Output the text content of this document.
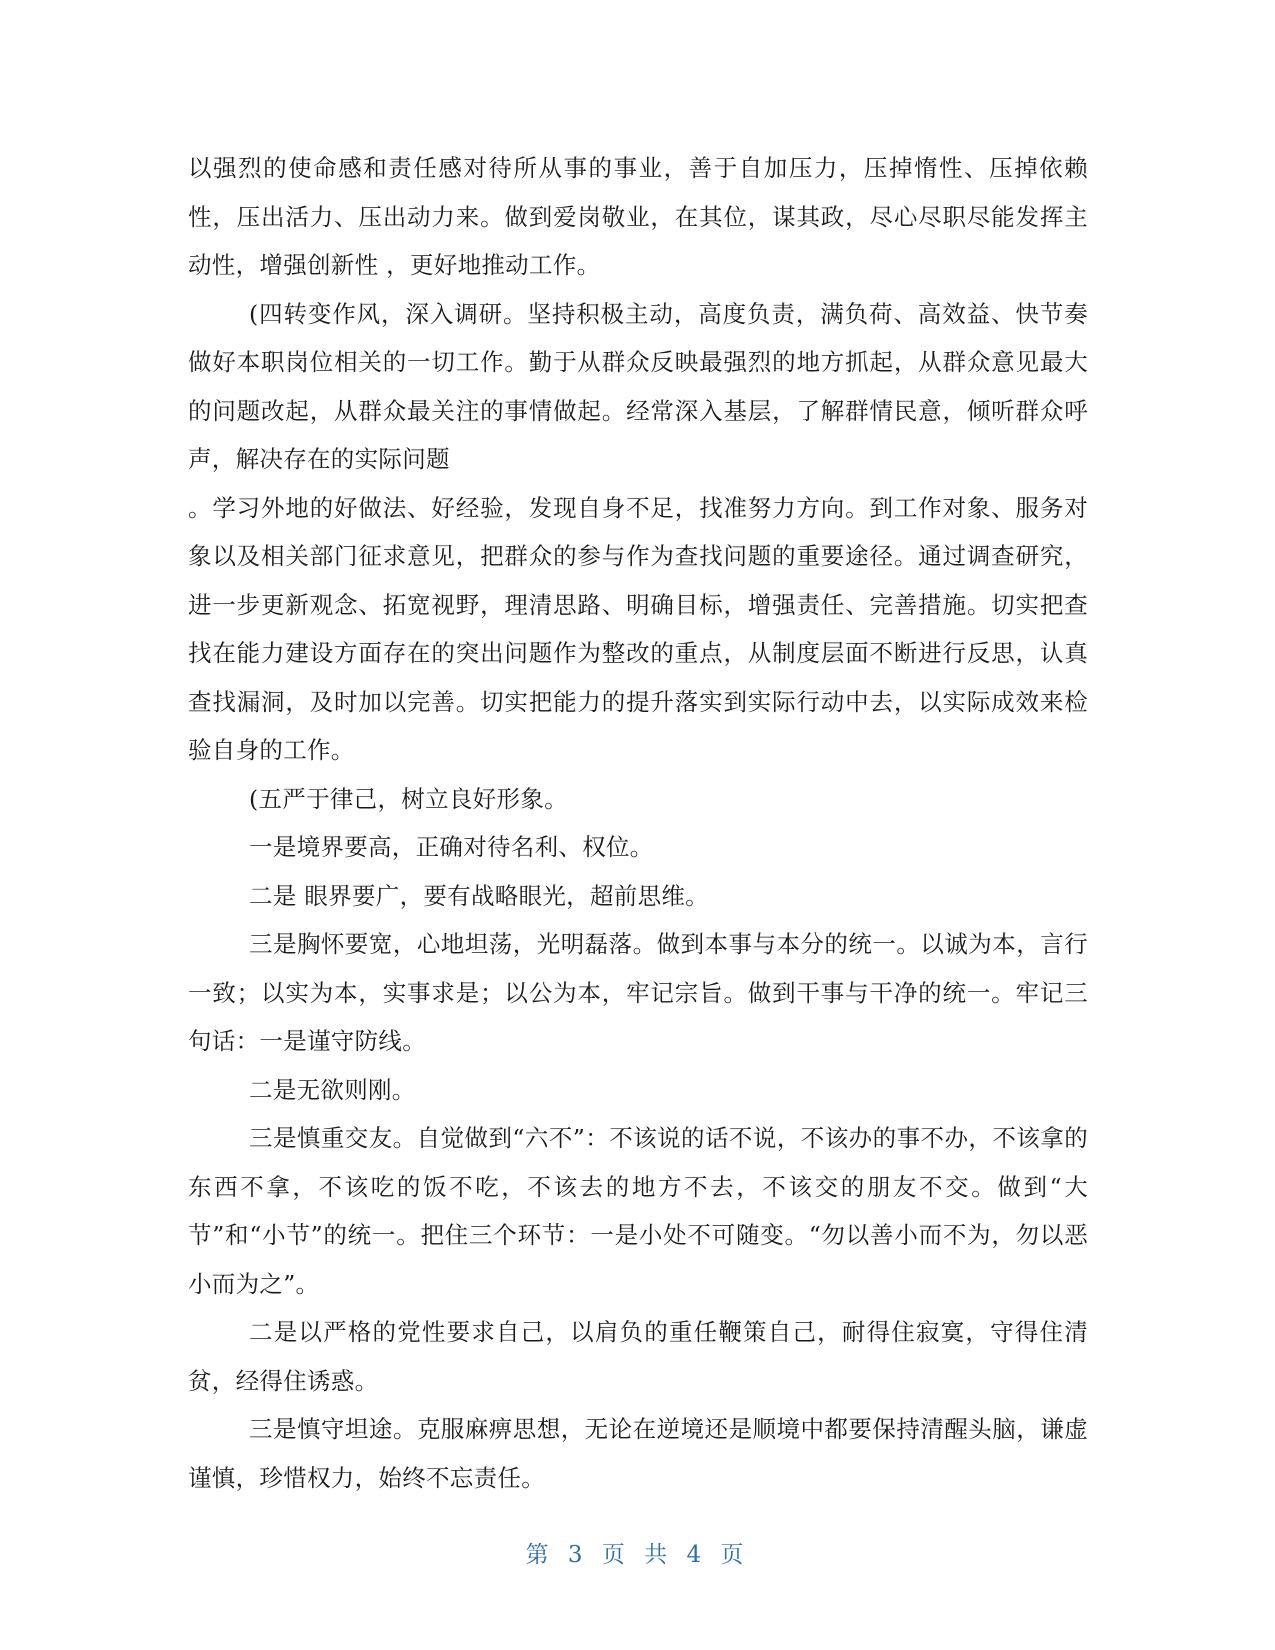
以强烈的使命感和责任感对待所从事的事业，善于自加压力，压掉惰性、压掉依赖性，压出活力、压出动力来。做到爱岗敬业，在其位，谋其政，尽心尽职尽能发挥主动性，增强创新性 ，更好地推动工作。

(四转变作风，深入调研。坚持积极主动，高度负责，满负荷、高效益、快节奏做好本职岗位相关的一切工作。勤于从群众反映最强烈的地方抓起，从群众意见最大的问题改起，从群众最关注的事情做起。经常深入基层，了解群情民意，倾听群众呼声，解决存在的实际问题

。学习外地的好做法、好经验，发现自身不足，找准努力方向。到工作对象、服务对象以及相关部门征求意见，把群众的参与作为查找问题的重要途径。通过调查研究，进一步更新观念、拓宽视野，理清思路、明确目标，增强责任、完善措施。切实把查找在能力建设方面存在的突出问题作为整改的重点，从制度层面不断进行反思，认真查找漏洞，及时加以完善。切实把能力的提升落实到实际行动中去，以实际成效来检验自身的工作。

(五严于律己，树立良好形象。

一是境界要高，正确对待名利、权位。

二是 眼界要广，要有战略眼光，超前思维。

三是胸怀要宽，心地坦荡，光明磊落。做到本事与本分的统一。以诚为本，言行一致；以实为本，实事求是；以公为本，牢记宗旨。做到干事与干净的统一。牢记三句话：一是谨守防线。

二是无欲则刚。

三是慎重交友。自觉做到“六不”：不该说的话不说，不该办的事不办，不该拿的东西不拿，不该吃的饭不吃，不该去的地方不去，不该交的朋友不交。做到“大节”和“小节”的统一。把住三个环节：一是小处不可随变。“勿以善小而不为，勿以恶小而为之”。

二是以严格的党性要求自己，以肩负的重任鞭策自己，耐得住寂寞，守得住清贫，经得住诱惑。

三是慎守坦途。克服麻痹思想，无论在逆境还是顺境中都要保持清醒头脑，谦虚谨慎，珍惜权力，始终不忘责任。

第 3 页 共 4 页
